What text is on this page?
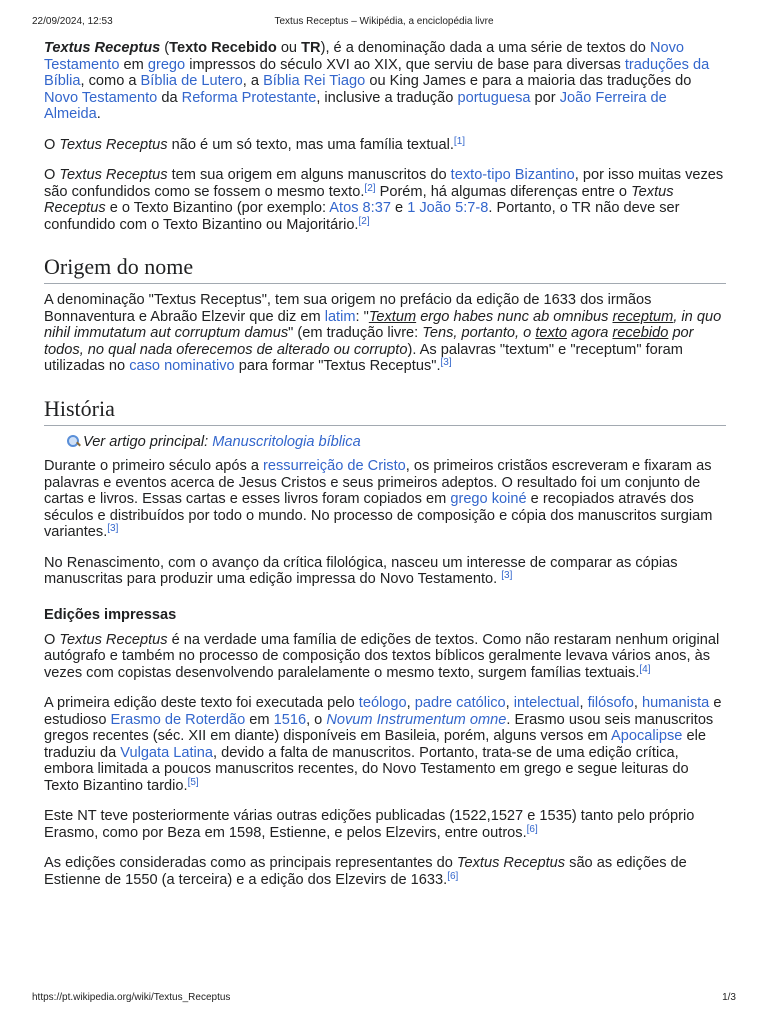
22/09/2024, 12:53	Textus Receptus – Wikipédia, a enciclopédia livre

Textus Receptus (Texto Recebido ou TR), é a denominação dada a uma série de textos do Novo Testamento em grego impressos do século XVI ao XIX, que serviu de base para diversas traduções da Bíblia, como a Bíblia de Lutero, a Bíblia Rei Tiago ou King James e para a maioria das traduções do Novo Testamento da Reforma Protestante, inclusive a tradução portuguesa por João Ferreira de Almeida.

O Textus Receptus não é um só texto, mas uma família textual.[1]

O Textus Receptus tem sua origem em alguns manuscritos do texto-tipo Bizantino, por isso muitas vezes são confundidos como se fossem o mesmo texto.[2] Porém, há algumas diferenças entre o Textus Receptus e o Texto Bizantino (por exemplo: Atos 8:37 e 1 João 5:7-8. Portanto, o TR não deve ser confundido com o Texto Bizantino ou Majoritário.[2]

Origem do nome

A denominação "Textus Receptus", tem sua origem no prefácio da edição de 1633 dos irmãos Bonnaventura e Abraão Elzevir que diz em latim: "Textum ergo habes nunc ab omnibus receptum, in quo nihil immutatum aut corruptum damus" (em tradução livre: Tens, portanto, o texto agora recebido por todos, no qual nada oferecemos de alterado ou corrupto). As palavras "textum" e "receptum" foram utilizadas no caso nominativo para formar "Textus Receptus".[3]

História
Ver artigo principal: Manuscritologia bíblica

Durante o primeiro século após a ressurreição de Cristo, os primeiros cristãos escreveram e fixaram as palavras e eventos acerca de Jesus Cristos e seus primeiros adeptos. O resultado foi um conjunto de cartas e livros. Essas cartas e esses livros foram copiados em grego koiné e recopiados através dos séculos e distribuídos por todo o mundo. No processo de composição e cópia dos manuscritos surgiam variantes.[3]

No Renascimento, com o avanço da crítica filológica, nasceu um interesse de comparar as cópias manuscritas para produzir uma edição impressa do Novo Testamento. [3]

Edições impressas

O Textus Receptus é na verdade uma família de edições de textos. Como não restaram nenhum original autógrafo e também no processo de composição dos textos bíblicos geralmente levava vários anos, às vezes com copistas desenvolvendo paralelamente o mesmo texto, surgem famílias textuais.[4]

A primeira edição deste texto foi executada pelo teólogo, padre católico, intelectual, filósofo, humanista e estudioso Erasmo de Roterdão em 1516, o Novum Instrumentum omne. Erasmo usou seis manuscritos gregos recentes (séc. XII em diante) disponíveis em Basileia, porém, alguns versos em Apocalipse ele traduziu da Vulgata Latina, devido a falta de manuscritos. Portanto, trata-se de uma edição crítica, embora limitada a poucos manuscritos recentes, do Novo Testamento em grego e segue leituras do Texto Bizantino tardio.[5]

Este NT teve posteriormente várias outras edições publicadas (1522,1527 e 1535) tanto pelo próprio Erasmo, como por Beza em 1598, Estienne, e pelos Elzevirs, entre outros.[6]

As edições consideradas como as principais representantes do Textus Receptus são as edições de Estienne de 1550 (a terceira) e a edição dos Elzevirs de 1633.[6]

https://pt.wikipedia.org/wiki/Textus_Receptus	1/3
